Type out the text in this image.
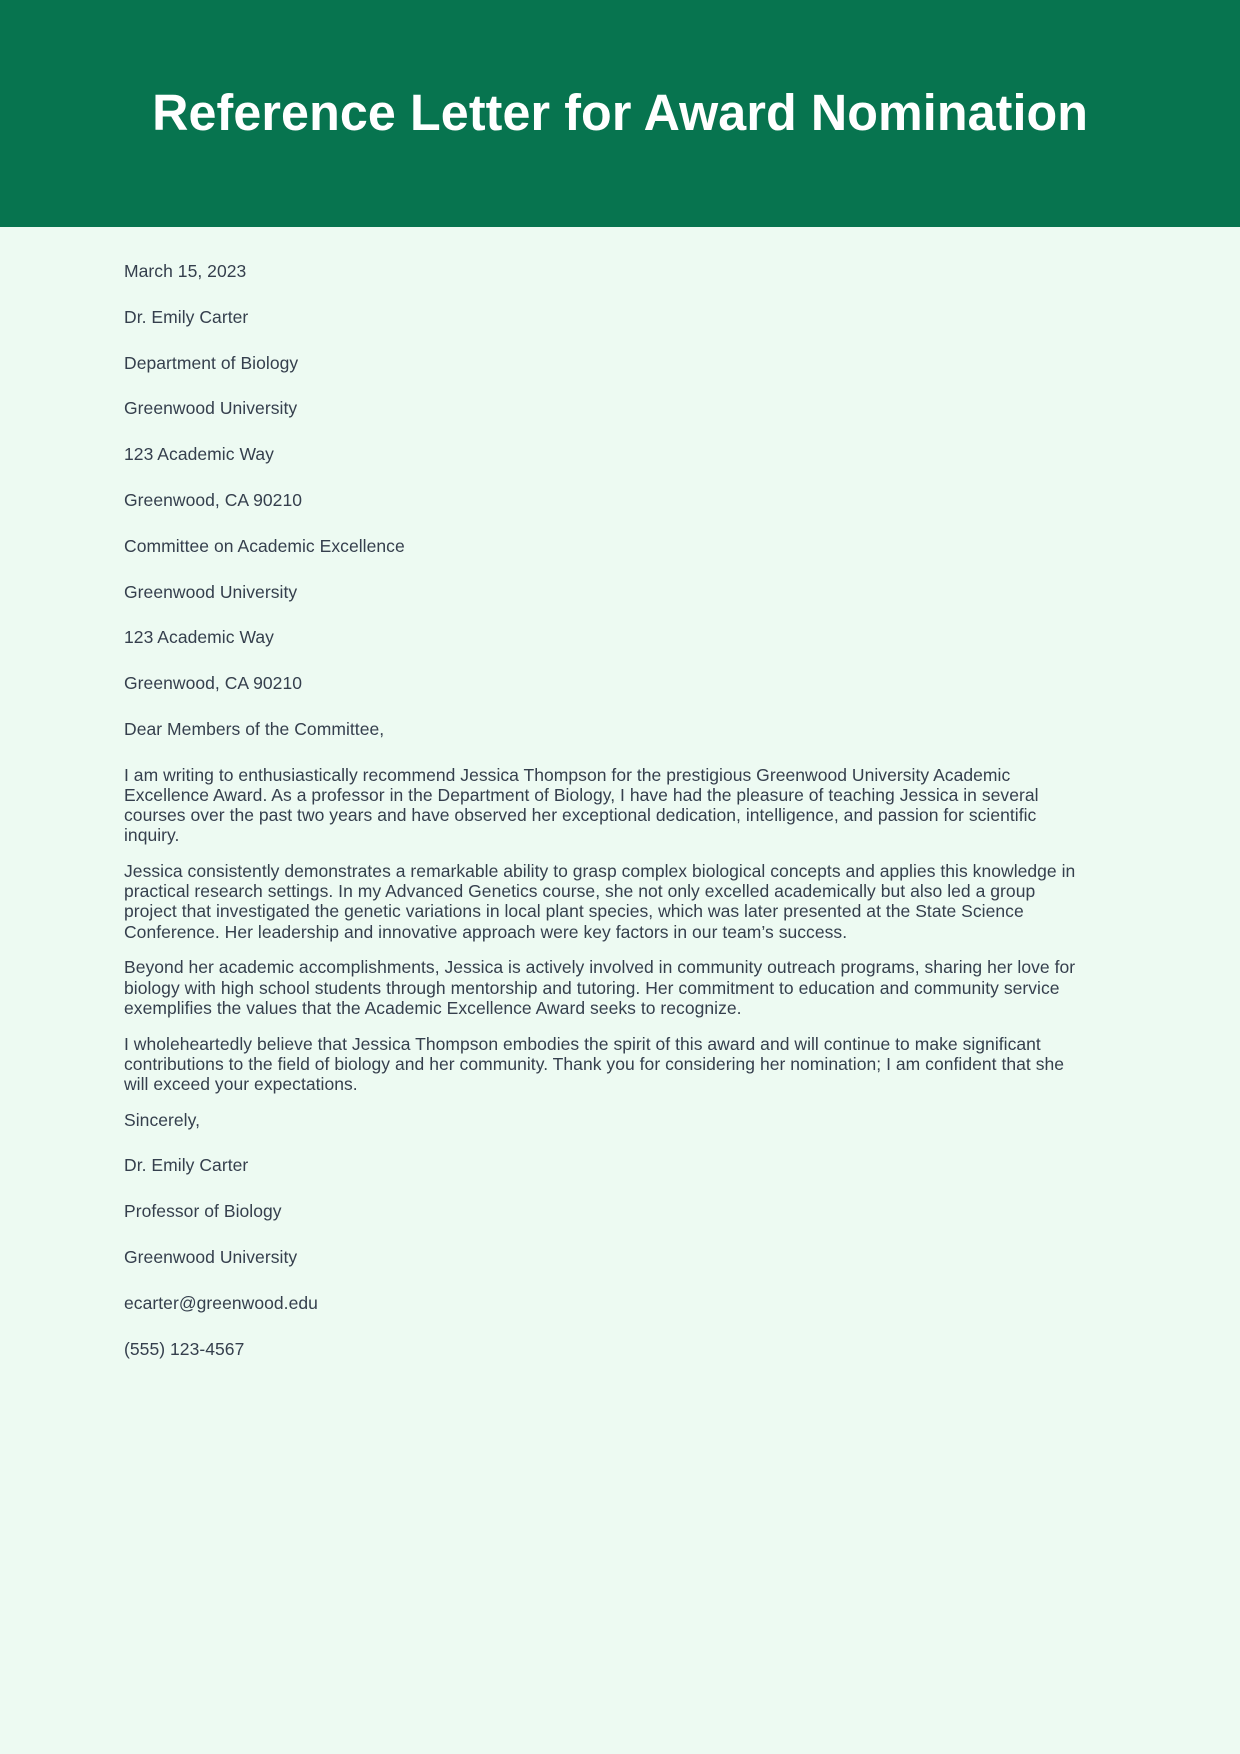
Reference Letter for Award Nomination

March 15, 2023

Dr. Emily Carter

Department of Biology

Greenwood University

123 Academic Way

Greenwood, CA 90210

Committee on Academic Excellence

Greenwood University

123 Academic Way

Greenwood, CA 90210

Dear Members of the Committee,

I am writing to enthusiastically recommend Jessica Thompson for the prestigious Greenwood University Academic Excellence Award. As a professor in the Department of Biology, I have had the pleasure of teaching Jessica in several courses over the past two years and have observed her exceptional dedication, intelligence, and passion for scientific inquiry.

Jessica consistently demonstrates a remarkable ability to grasp complex biological concepts and applies this knowledge in practical research settings. In my Advanced Genetics course, she not only excelled academically but also led a group project that investigated the genetic variations in local plant species, which was later presented at the State Science Conference. Her leadership and innovative approach were key factors in our team’s success.

Beyond her academic accomplishments, Jessica is actively involved in community outreach programs, sharing her love for biology with high school students through mentorship and tutoring. Her commitment to education and community service exemplifies the values that the Academic Excellence Award seeks to recognize.

I wholeheartedly believe that Jessica Thompson embodies the spirit of this award and will continue to make significant contributions to the field of biology and her community. Thank you for considering her nomination; I am confident that she will exceed your expectations.

Sincerely,

Dr. Emily Carter

Professor of Biology

Greenwood University

ecarter@greenwood.edu

(555) 123-4567
